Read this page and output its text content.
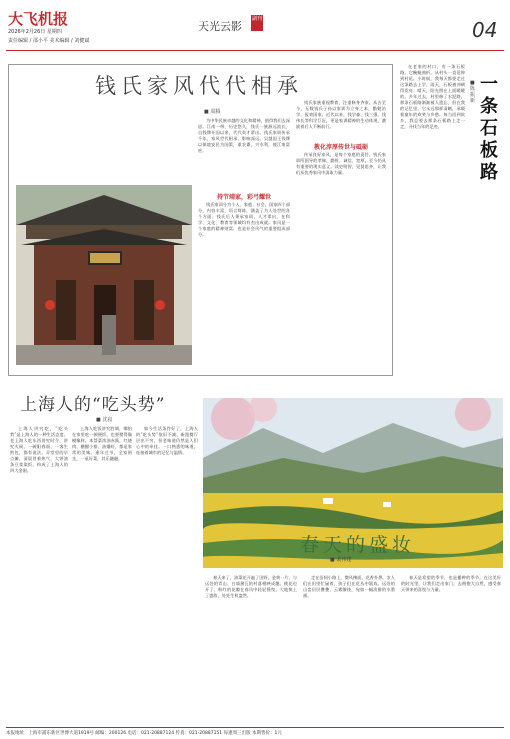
大飞机报
2026年2月26日 星期四
责任编辑 / 邵小平 美术编辑 / 刘健斌
天光云影
副刊	04
钱氏家风代代相承
■ 周腾
为中华民族卓越的文化和精神，值得我们去深思。江南一带，历史悠久，钱氏一族源远流长，自钱镠开国以来，代代英才辈出。钱氏家训传承千年，家风世代相承，影响深远。吴越国王钱镠以保境安民为国策，重农桑、兴水利，使江南富庶。
持节靖家，彩弓耀世
钱氏家训分为个人、家庭、社会、国家四个部分，内容丰富，语言简练，涵盖了为人处世的各个方面。钱氏后人秉承家训，人才辈出，在科学、文化、教育等领域均有杰出成就。家风是一个家庭的精神财富，也是社会风气的重要组成部分。
钱氏家族重视教育，注重修身齐家。从古至今，无数钱氏子孙以家训为立身之本，勤勉治学，报效国家。近代以来，钱学森、钱三强、钱伟长等科学巨匠，更是家训精神的生动体现，激励着后人不断前行。
教化淳厚传世与砥砺
传承良好家风，是每个家庭的责任。钱氏家训所倡导的孝悌、勤俭、诚信、宽厚，至今仍具有重要的现实意义。读史明智，见贤思齐，让我们从优秀家风中汲取力量。
在老家的村口，有一条石板路。它蜿蜒曲折，从村头一直延伸到村尾。小时候，我每天都要走过这条路去上学。雨天，石板被冲刷得发亮；晴天，阳光照在上面暖暖的。多年过去，村里修了水泥路，那条石板路渐渐被人遗忘，但在我的记忆里，它永远那样清晰，承载着童年的欢笑与乡愁。每当回到故乡，我总要去那条石板路上走一走，寻找当年的足迹。
■ 陈振新
一条石板路
上海人的“吃头势”
■ 沈寂
上海人讲究吃，“吃头势”是上海人的一种生活态度。老上海人吃东西讲究时令、讲究火候，一碗阳春面、一客生煎包，都有说法。弄堂里的早点摊，清晨冒着热气，大饼油条豆浆粢饭，构成了上海人的四大金刚。
上海人吃饭讲究腔调，哪怕在家里吃一顿便饭，也要摆得像模像样。本帮菜浓油赤酱，红烧肉、糖醋小排、油爆虾，都是家常的美味。逢年过节，全家围坐，一桌好菜，其乐融融。
如今生活条件好了，上海人的“吃头势”依旧不减。新派餐厅层出不穷，但老味道仍然是人们心中的牵挂。一口熟悉的味道，连接着城市的记忆与温情。
春天的盛妆
■ 裴伟建
春天来了，油菜花开遍了田野，金黄一片，与远处的青山、白墙黛瓦的村落相映成趣。桃花也开了，粉红的花瓣在春风中轻轻摇曳。大地换上了盛妆，处处生机盎然。
走在田间小路上，微风拂面，花香扑鼻。农人们在田里忙碌着，孩子们在花丛中嬉戏。远处的山峦层层叠叠，云雾缭绕，宛如一幅淡雅的水墨画。
春天是希望的季节，也是播种的季节。在这美好的时光里，让我们走出家门，去拥抱大自然，感受春天带来的喜悦与力量。
本报地址：上海市浦东新区世博大道1919号 邮编：200126 电话：021-20887124 传真：021-20887151 每逢周三出版 本期售价：1元
